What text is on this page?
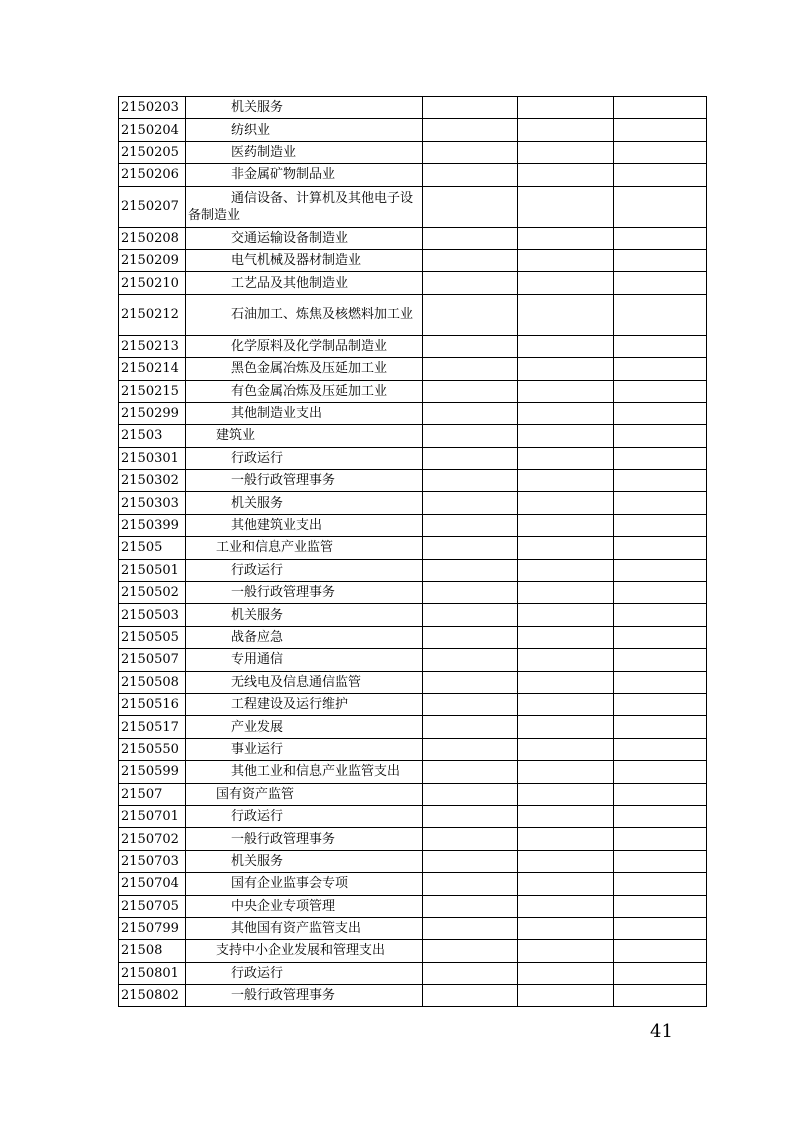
2150203	机关服务			
2150204	纺织业			
2150205	医药制造业			
2150206	非金属矿物制品业			
2150207	通信设备、计算机及其他电子设备制造业			
2150208	交通运输设备制造业			
2150209	电气机械及器材制造业			
2150210	工艺品及其他制造业			
2150212	石油加工、炼焦及核燃料加工业			
2150213	化学原料及化学制品制造业			
2150214	黑色金属冶炼及压延加工业			
2150215	有色金属冶炼及压延加工业			
2150299	其他制造业支出			
21503	建筑业			
2150301	行政运行			
2150302	一般行政管理事务			
2150303	机关服务			
2150399	其他建筑业支出			
21505	工业和信息产业监管			
2150501	行政运行			
2150502	一般行政管理事务			
2150503	机关服务			
2150505	战备应急			
2150507	专用通信			
2150508	无线电及信息通信监管			
2150516	工程建设及运行维护			
2150517	产业发展			
2150550	事业运行			
2150599	其他工业和信息产业监管支出			
21507	国有资产监管			
2150701	行政运行			
2150702	一般行政管理事务			
2150703	机关服务			
2150704	国有企业监事会专项			
2150705	中央企业专项管理			
2150799	其他国有资产监管支出			
21508	支持中小企业发展和管理支出			
2150801	行政运行			
2150802	一般行政管理事务			
41
